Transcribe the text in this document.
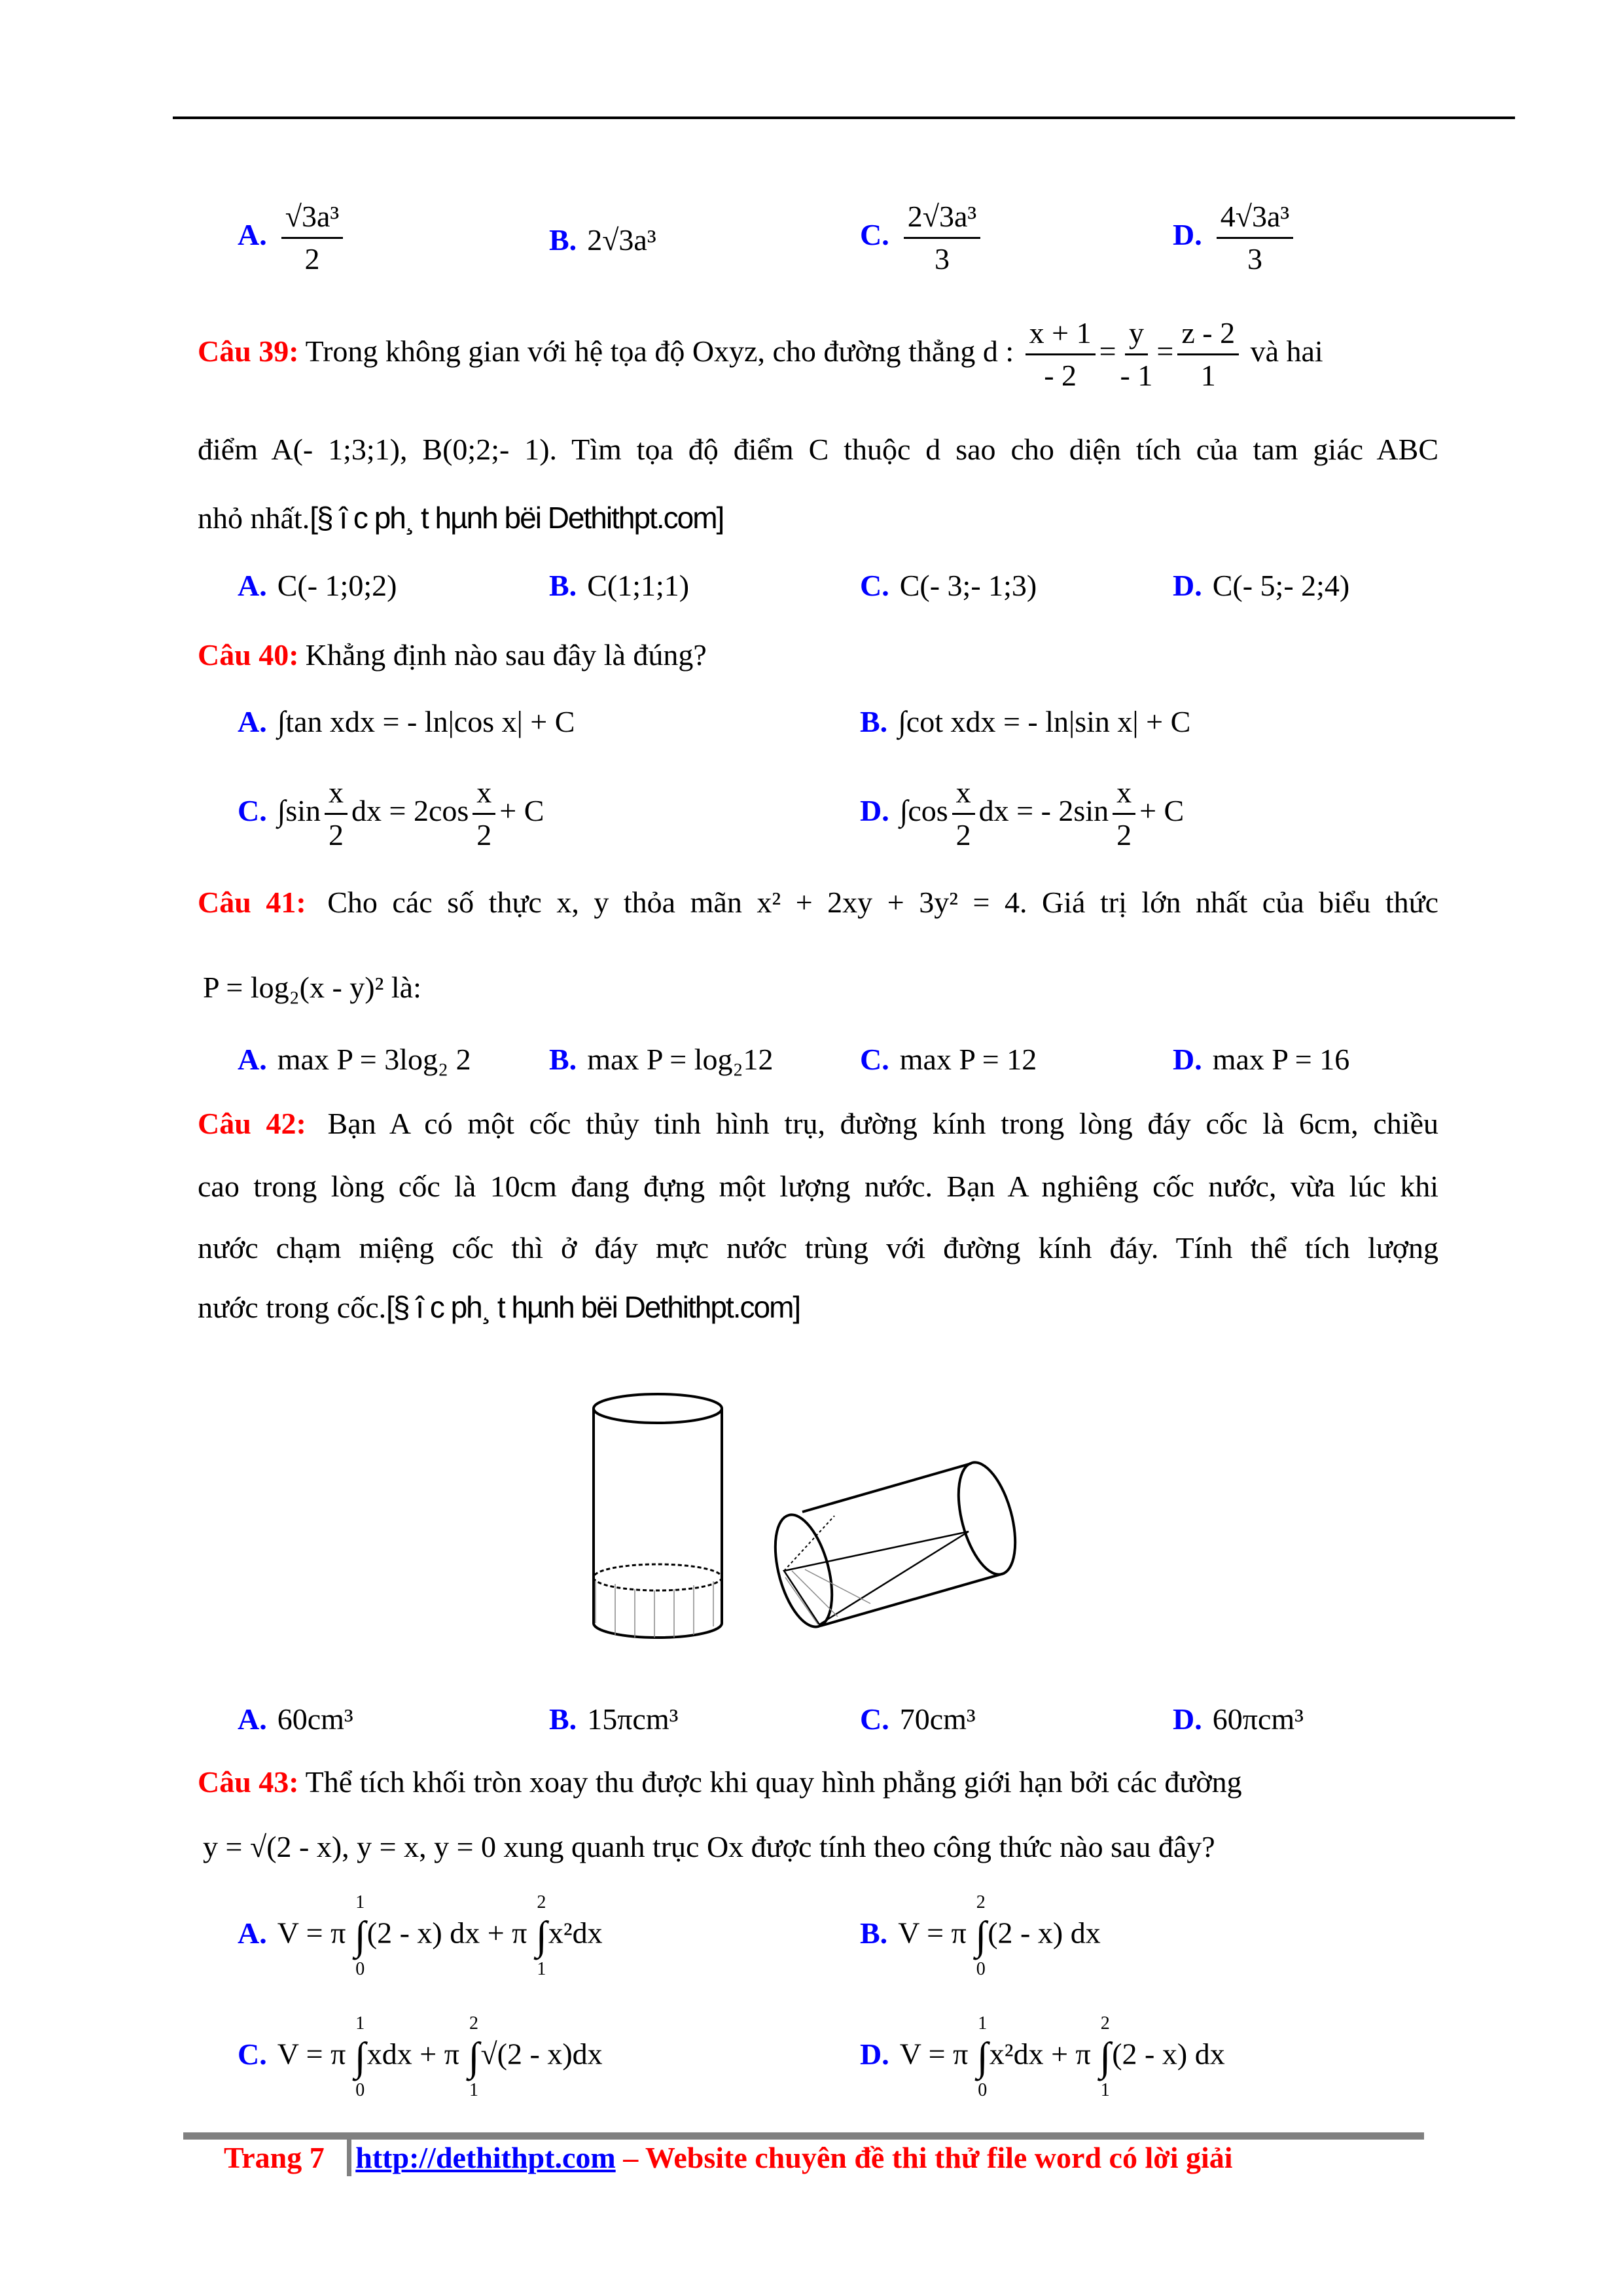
A. $\frac{\text{√3a³}}{2}$	B. 2√3a³	C. $\frac{\text{2√3a³}}{3}$	D. $\frac{\text{4√3a³}}{3}$
Câu 39: Trong không gian với hệ tọa độ Oxyz, cho đường thẳng d : $\frac{x + 1}{- 2} = \frac{y}{- 1} = \frac{z - 2}{1}$ và hai
điểm A(- 1;3;1), B(0;2;- 1). Tìm tọa độ điểm C thuộc d sao cho diện tích của tam giác ABC
nhỏ nhất.[§ î c ph¸ t hµnh bëi Dethithpt.com]
A. C(- 1;0;2)	B. C(1;1;1)	C. C(- 3;- 1;3)	D. C(- 5;- 2;4)
Câu 40: Khẳng định nào sau đây là đúng?
A. ∫tan xdx = - ln|cos x| + C	B. ∫cot xdx = - ln|sin x| + C
C. $\int\sin \frac{x}{2}$ dx = $2\cos \frac{x}{2} + C$	D. $\int\cos \frac{x}{2}$ dx = - $2\sin \frac{x}{2} + C$
Câu 41: Cho các số thực x, y thỏa mãn x² + 2xy + 3y² = 4. Giá trị lớn nhất của biểu thức
P = log₂(x - y)² là:
A. max P = 3log₂ 2	B. max P = log₂12	C. max P = 12	D. max P = 16
Câu 42: Bạn A có một cốc thủy tinh hình trụ, đường kính trong lòng đáy cốc là 6cm, chiều
cao trong lòng cốc là 10cm đang đựng một lượng nước. Bạn A nghiêng cốc nước, vừa lúc khi
nước chạm miệng cốc thì ở đáy mực nước trùng với đường kính đáy. Tính thể tích lượng
nước trong cốc.[§ î c ph¸ t hµnh bëi Dethithpt.com]
A. 60cm³	B. 15πcm³	C. 70cm³	D. 60πcm³
Câu 43: Thể tích khối tròn xoay thu được khi quay hình phẳng giới hạn bởi các đường
y = √(2 - x), y = x, y = 0 xung quanh trục Ox được tính theo công thức nào sau đây?
A. V = π
1
∫
0
(2 - x) dx + π
2
∫
1
x²dx	B. V = π
2
∫
0
(2 - x) dx
C. V = π
1
∫
0
xdx + π
2
∫
1
√(2 - x)dx	D. V = π
1
∫
0
x²dx + π
2
∫
1
(2 - x) dx
Trang 7 http://dethithpt.com – Website chuyên đề thi thử file word có lời giải
